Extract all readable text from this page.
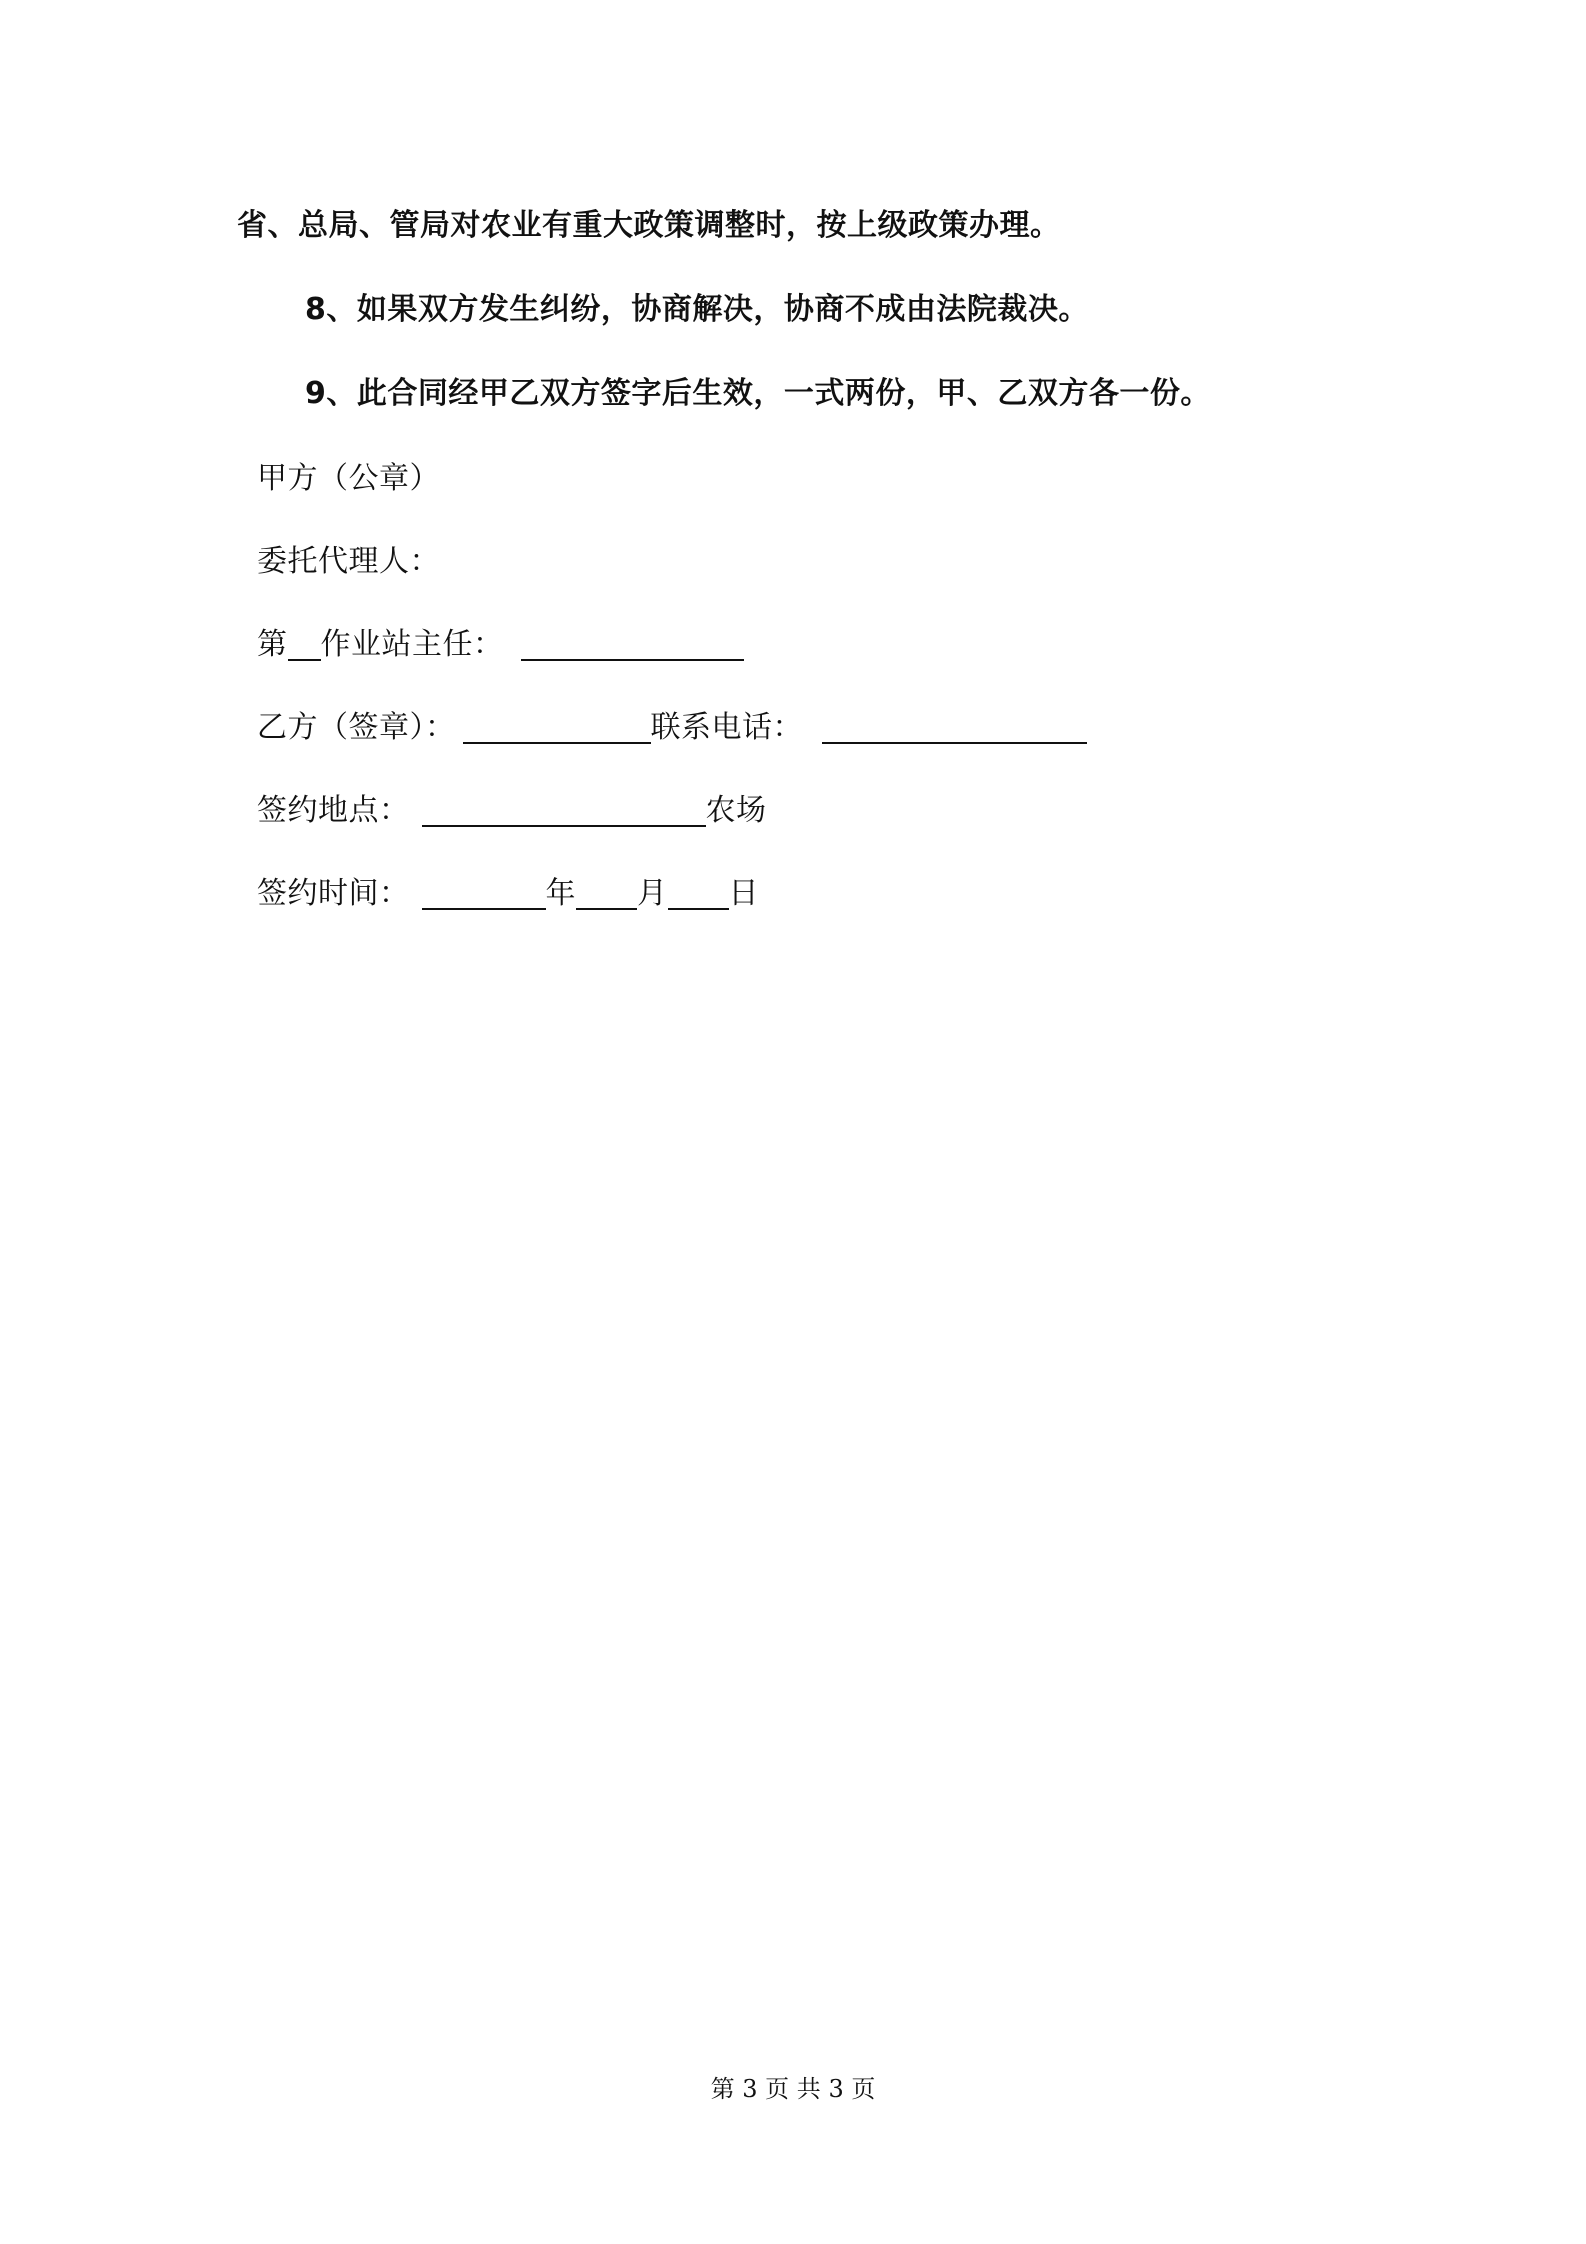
省、总局、管局对农业有重大政策调整时，按上级政策办理。
8、如果双方发生纠纷，协商解决，协商不成由法院裁决。
9、此合同经甲乙双方签字后生效，一式两份，甲、乙双方各一份。
甲方（公章）
委托代理人：
第 作业站主任：
乙方（签章）：	联系电话：
签约地点：	农场
签约时间：	年 月 日
第 3 页 共 3 页
